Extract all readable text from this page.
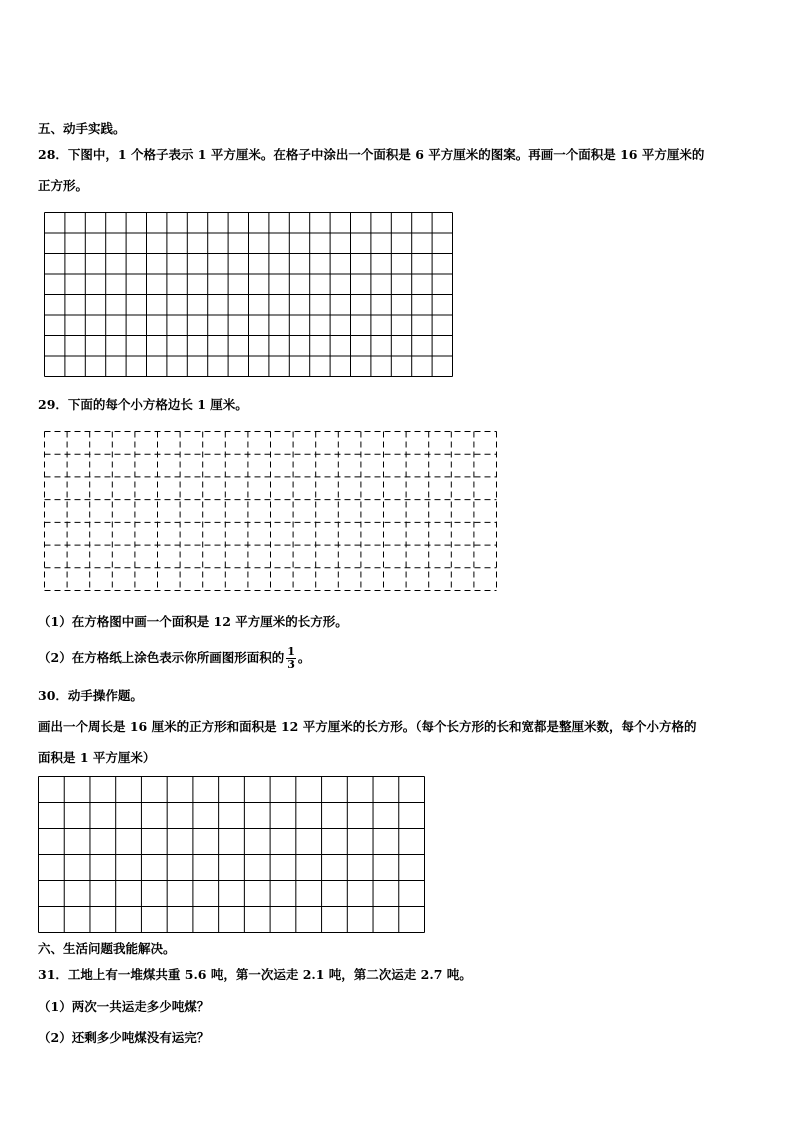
五、动手实践。
28．下图中，1 个格子表示 1 平方厘米。在格子中涂出一个面积是 6 平方厘米的图案。再画一个面积是 16 平方厘米的
正方形。
29．下面的每个小方格边长 1 厘米。
（1）在方格图中画一个面积是 12 平方厘米的长方形。
（2）在方格纸上涂色表示你所画图形面积的 $\frac{1}{3}$ 。
30．动手操作题。
画出一个周长是 16 厘米的正方形和面积是 12 平方厘米的长方形。（每个长方形的长和宽都是整厘米数，每个小方格的
面积是 1 平方厘米）
六、生活问题我能解决。
31．工地上有一堆煤共重 5.6 吨，第一次运走 2.1 吨，第二次运走 2.7 吨。
（1）两次一共运走多少吨煤？
（2）还剩多少吨煤没有运完？
